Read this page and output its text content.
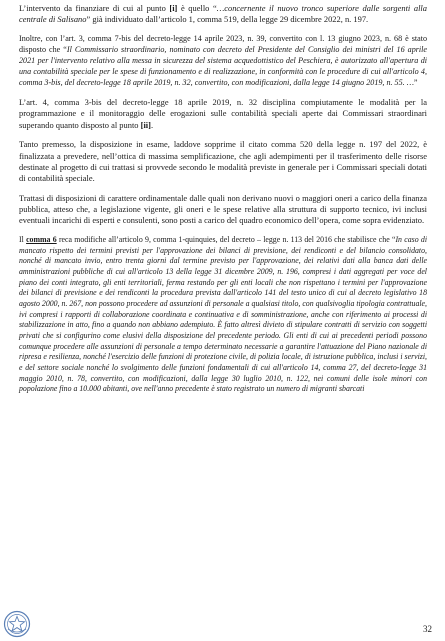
L’intervento da finanziare di cui al punto [i] è quello “…concernente il nuovo tronco superiore dalle sorgenti alla centrale di Salisano” già individuato dall’articolo 1, comma 519, della legge 29 dicembre 2022, n. 197.

Inoltre, con l’art. 3, comma 7-bis del decreto-legge 14 aprile 2023, n. 39, convertito con l. 13 giugno 2023, n. 68 è stato disposto che “Il Commissario straordinario, nominato con decreto del Presidente del Consiglio dei ministri del 16 aprile 2021 per l'intervento relativo alla messa in sicurezza del sistema acquedottistico del Peschiera, è autorizzato all'apertura di una contabilità speciale per le spese di funzionamento e di realizzazione, in conformità con le procedure di cui all'articolo 4, comma 3-bis, del decreto-legge 18 aprile 2019, n. 32, convertito, con modificazioni, dalla legge 14 giugno 2019, n. 55. …”

L’art. 4, comma 3-bis del decreto-legge 18 aprile 2019, n. 32 disciplina compiutamente le modalità per la programmazione e il monitoraggio delle erogazioni sulle contabilità speciali aperte dai Commissari straordinari superando quanto disposto al punto [ii].

Tanto premesso, la disposizione in esame, laddove sopprime il citato comma 520 della legge n. 197 del 2022, è finalizzata a prevedere, nell’ottica di massima semplificazione, che agli adempimenti per il trasferimento delle risorse destinate al progetto di cui trattasi si provvede secondo le modalità previste in generale per i Commissari speciali dotati di contabilità speciale.

Trattasi di disposizioni di carattere ordinamentale dalle quali non derivano nuovi o maggiori oneri a carico della finanza pubblica, atteso che, a legislazione vigente, gli oneri e le spese relative alla struttura di supporto tecnico, ivi inclusi eventuali incarichi di esperti e consulenti, sono posti a carico del quadro economico dell’opera, come sopra evidenziato.

Il comma 6 reca modifiche all’articolo 9, comma 1-quinquies, del decreto – legge n. 113 del 2016 che stabilisce che “In caso di mancato rispetto dei termini previsti per l'approvazione dei bilanci di previsione, dei rendiconti e del bilancio consolidato, nonché di mancato invio, entro trenta giorni dal termine previsto per l'approvazione, dei relativi dati alla banca dati delle amministrazioni pubbliche di cui all'articolo 13 della legge 31 dicembre 2009, n. 196, compresi i dati aggregati per voce del piano dei conti integrato, gli enti territoriali, ferma restando per gli enti locali che non rispettano i termini per l'approvazione dei bilanci di previsione e dei rendiconti la procedura prevista dall'articolo 141 del testo unico di cui al decreto legislativo 18 agosto 2000, n. 267, non possono procedere ad assunzioni di personale a qualsiasi titolo, con qualsivoglia tipologia contrattuale, ivi compresi i rapporti di collaborazione coordinata e continuativa e di somministrazione, anche con riferimento ai processi di stabilizzazione in atto, fino a quando non abbiano adempiuto. È fatto altresì divieto di stipulare contratti di servizio con soggetti privati che si configurino come elusivi della disposizione del precedente periodo. Gli enti di cui ai precedenti periodi possono comunque procedere alle assunzioni di personale a tempo determinato necessarie a garantire l'attuazione del Piano nazionale di ripresa e resilienza, nonché l'esercizio delle funzioni di protezione civile, di polizia locale, di istruzione pubblica, inclusi i servizi, e del settore sociale nonché lo svolgimento delle funzioni fondamentali di cui all'articolo 14, comma 27, del decreto-legge 31 maggio 2010, n. 78, convertito, con modificazioni, dalla legge 30 luglio 2010, n. 122, nei comuni delle isole minori con popolazione fino a 10.000 abitanti, ove nell'anno precedente è stato registrato un numero di migranti sbarcati

32
